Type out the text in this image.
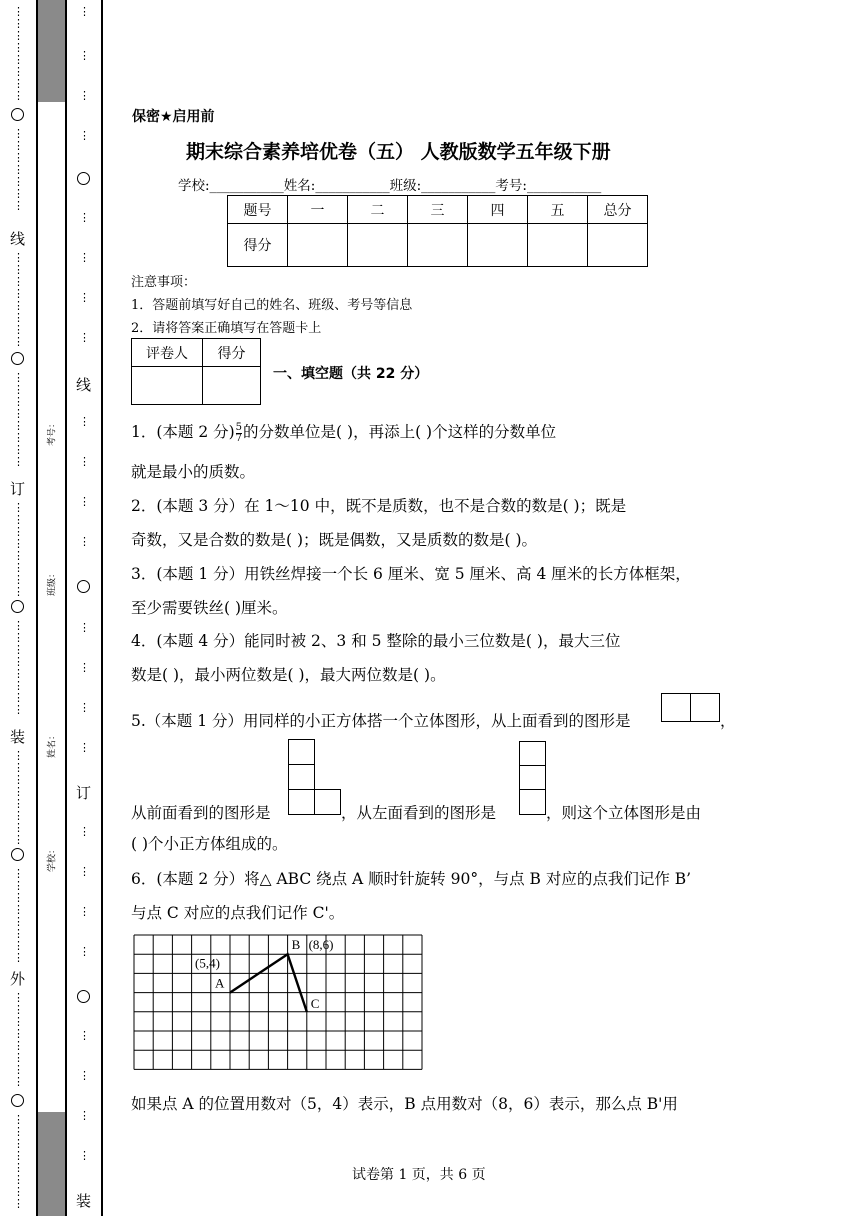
⋮
⋮
⋮
⋮
⋮
⋮
⋮
⋮
⋮
⋮
⋮
⋮
⋮
⋮
⋮
线
⋮
⋮
⋮
⋮
⋮
⋮
⋮
⋮
⋮
⋮
⋮
⋮
⋮
⋮
⋮
⋮
订
⋮
⋮
⋮
⋮
⋮
⋮
⋮
⋮
⋮
⋮
⋮
⋮
⋮
⋮
⋮
⋮
装
⋮
⋮
⋮
⋮
⋮
⋮
⋮
⋮
⋮
⋮
⋮
⋮
⋮
⋮
⋮
⋮
外
⋮
⋮
⋮
⋮
⋮
⋮
⋮
⋮
⋮
⋮
⋮
⋮
⋮
⋮
⋮
⋮
考号：
班级：
姓名：
学校：
⋮
⋮
⋮
⋮
⋮
⋮
⋮
⋮
线
⋮
⋮
⋮
⋮
⋮
⋮
⋮
⋮
订
⋮
⋮
⋮
⋮
⋮
⋮
⋮
⋮
装
保密★启用前
期末综合素养培优卷（五） 人教版数学五年级下册
学校:___________姓名:___________班级:___________考号:___________
题号	一	二	三	四	五	总分
得分						
注意事项：
1．答题前填写好自己的姓名、班级、考号等信息
2．请将答案正确填写在答题卡上
评卷人	得分

一、填空题（共 22 分）
1．(本题 2 分) $\frac{5}{7}$ 的分数单位是( )，再添上( )个这样的分数单位
就是最小的质数。
2．(本题 3 分）在 1～10 中，既不是质数，也不是合数的数是( )；既是
奇数，又是合数的数是( )；既是偶数，又是质数的数是( )。
3．(本题 1 分）用铁丝焊接一个长 6 厘米、宽 5 厘米、高 4 厘米的长方体框架，
至少需要铁丝( )厘米。
4．(本题 4 分）能同时被 2、3 和 5 整除的最小三位数是( )，最大三位
数是( )，最小两位数是( )，最大两位数是( )。
5.（本题 1 分）用同样的小正方体搭一个立体图形，从上面看到的图形是	，
从前面看到的图形是	，从左面看到的图形是	，则这个立体图形是由
( )个小正方体组成的。
6．(本题 2 分）将△ ABC 绕点 A 顺时针旋转 90°，与点 B 对应的点我们记作 B’
与点 C 对应的点我们记作 C'。
A
B
C
(5,4)
(8,6)
如果点 A 的位置用数对（5，4）表示，B 点用数对（8，6）表示，那么点 B'用
试卷第 1 页，共 6 页
